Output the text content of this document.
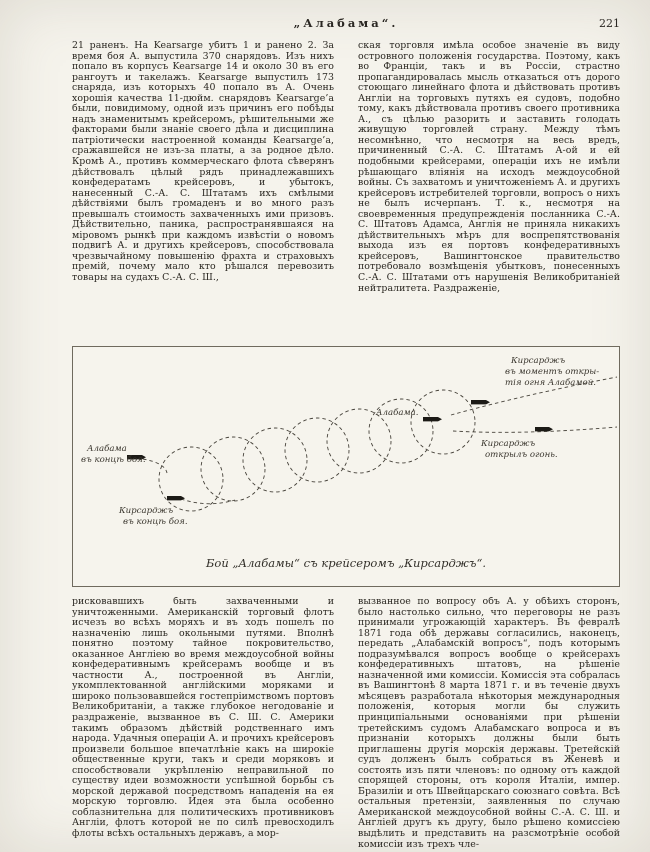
„Алабама“.	221
21 раненъ. На Kearsarge убитъ 1 и ранено 2. За время боя А. выпустила 370 снарядовъ. Изъ нихъ попало въ корпусъ Kearsarge 14 и около 30 въ его рангоутъ и такелажъ. Kearsarge выпустилъ 173 снаряда, изъ которыхъ 40 попало въ А. Очень хорошія качества 11-дюйм. снарядовъ Kearsarge’а были, повидимому, одной изъ причинъ его побѣды надъ знаменитымъ крейсеромъ, рѣшительными же факторами были знаніе своего дѣла и дисциплина патріотически настроенной команды Kearsarge’а, сражавшейся не изъ-за платы, а за родное дѣло. Кромѣ А., противъ коммерческаго флота сѣверянъ дѣйствовалъ цѣлый рядъ принадлежавшихъ конфедератамъ крейсеровъ, и убытокъ, нанесенный С.-А. С. Штатамъ ихъ смѣлыми дѣйствіями былъ громаденъ и во много разъ превышалъ стоимость захваченныхъ ими призовъ. Дѣйствительно, паника, распространявшаяся на міровомъ рынкѣ при каждомъ извѣстіи о новомъ подвигѣ А. и другихъ крейсеровъ, способствовала чрезвычайному повышенію фрахта и страховыхъ премій, почему мало кто рѣшался перевозить товары на судахъ С.-А. С. Ш.,
ская торговля имѣла особое значеніе въ виду островного положенія государства. Поэтому, какъ во Франціи, такъ и въ Россіи, страстно пропагандировалась мысль отказаться отъ дорого стоющаго линейнаго флота и дѣйствовать противъ Англіи на торговыхъ путяхъ ея судовъ, подобно тому, какъ дѣйствовала противъ своего противника А., съ цѣлью разорить и заставить голодать живущую торговлей страну. Между тѣмъ несомнѣнно, что несмотря на весь вредъ, причиненный С.-А. С. Штатамъ А-ой и ей подобными крейсерами, операціи ихъ не имѣли рѣшающаго вліянія на исходъ междоусобной войны. Съ захватомъ и уничтоженіемъ А. и другихъ крейсеровъ истребителей торговли, вопросъ о нихъ не былъ исчерпанъ. Т. к., несмотря на своевременныя предупрежденія посланника С.-А. С. Штатовъ Адамса, Англія не приняла никакихъ дѣйствительныхъ мѣръ для воспрепятствованія выхода изъ ея портовъ конфедеративныхъ крейсеровъ, Вашингтонское правительство потребовало возмѣщенія убытковъ, понесенныхъ С.-А. С. Штатами отъ нарушенія Великобританіей нейтралитета. Раздраженіе,
Алабама
въ концѣ боя.
Кирсарджъ
въ концѣ боя.
Алабама.
Кирсарджъ
въ моментъ откры-
тія огня Алабамой.
Кирсарджъ
открылъ огонь.
Бой „Алабамы“ съ крейсеромъ „Кирсарджъ“.
рисковавшихъ быть захваченными и уничтоженными. Американскій торговый флотъ исчезъ во всѣхъ моряхъ и въ ходъ пошелъ по назначенію лишь окольными путями. Вполнѣ понятно поэтому тайное покровительство, оказанное Англіею во время междоусобной войны конфедеративнымъ крейсерамъ вообще и въ частности А., построенной въ Англіи, укомплектованной англійскими моряками и широко пользовавшейся гостепріимствомъ портовъ Великобританіи, а также глубокое негодованіе и раздраженіе, вызванное въ С. Ш. С. Америки такимъ образомъ дѣйствій родственнаго имъ народа. Удачныя операціи А. и прочихъ крейсеровъ произвели большое впечатлѣніе какъ на широкіе общественные круги, такъ и среди моряковъ и способствовали укрѣпленію неправильной по существу идеи возможности успѣшной борьбы съ морской державой посредствомъ нападенія на ея морскую торговлю. Идея эта была особенно соблазнительна для политическихъ противниковъ Англіи, флотъ которой не по силѣ превосходилъ флоты всѣхъ остальныхъ державъ, а мор-
вызванное по вопросу объ А. у обѣихъ сторонъ, было настолько сильно, что переговоры не разъ принимали угрожающій характеръ. Въ февралѣ 1871 года обѣ державы согласились, наконецъ, передать „Алабамскій вопросъ“, подъ которымъ подразумѣвался вопросъ вообще о крейсерахъ конфедеративныхъ штатовъ, на рѣшеніе назначенной ими комиссіи. Комиссія эта собралась въ Вашингтонѣ 8 марта 1871 г. и въ теченіе двухъ мѣсяцевъ разработала нѣкоторыя международныя положенія, которыя могли бы служить принципіальными основаніями при рѣшеніи третейскимъ судомъ Алабамскаго вопроса и въ признаніи которыхъ должны были быть приглашены другія морскія державы. Третейскій судъ долженъ былъ собраться въ Женевѣ и состоять изъ пяти членовъ: по одному отъ каждой спорящей стороны, отъ короля Италіи, импер. Бразиліи и отъ Швейцарскаго союзнаго совѣта. Всѣ остальныя претензіи, заявленныя по случаю Американской междоусобной войны С.-А. С. Ш. и Англіей другъ къ другу, было рѣшено комиссіею выдѣлить и представить на разсмотрѣніе особой комиссіи изъ трехъ чле-
